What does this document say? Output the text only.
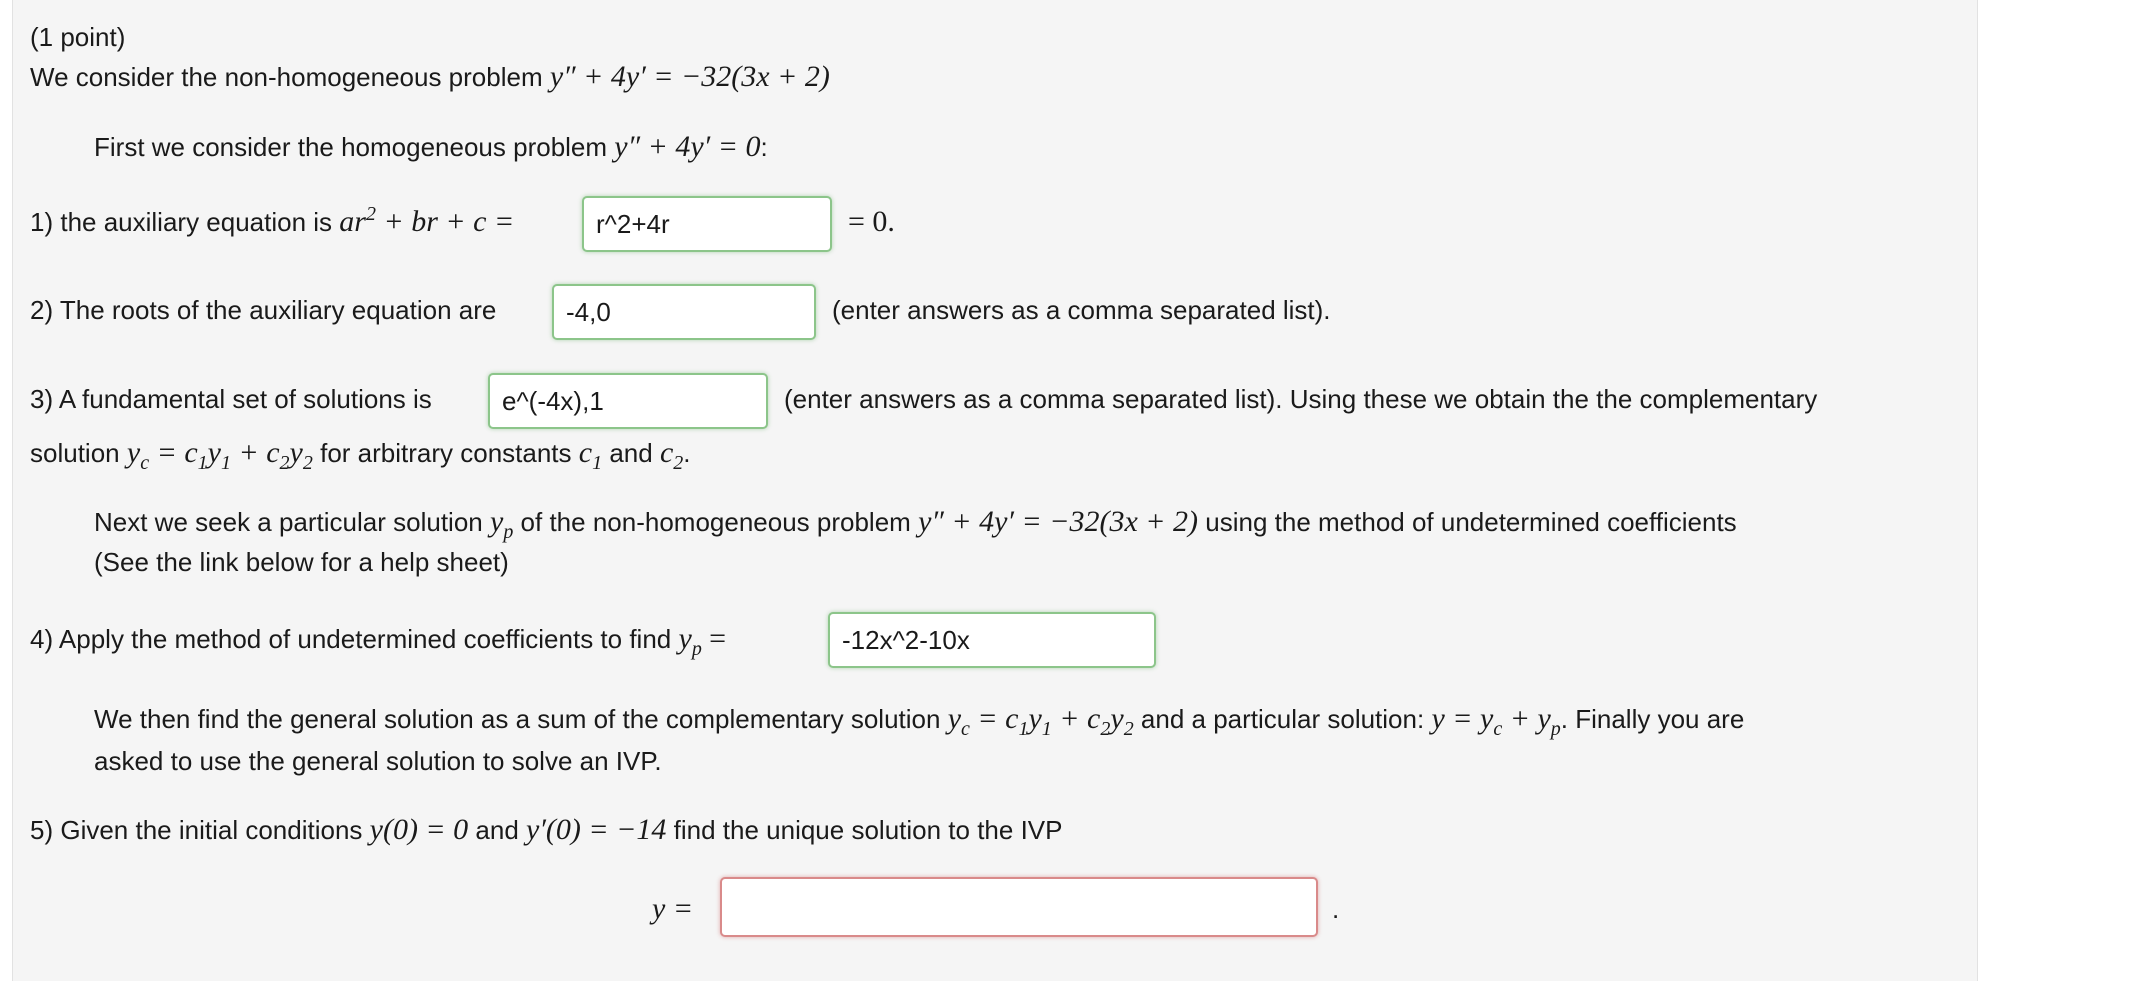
(1 point)
We consider the non-homogeneous problem
y″ + 4y′ = −32(3x + 2)
First we consider the homogeneous problem
y″ + 4y′ = 0 :
1) the auxiliary equation is
$ar^2$ + br + c =
r^2+4r	= 0.
2) The roots of the auxiliary equation are
-4,0	(enter answers as a comma separated list).
3) A fundamental set of solutions is
e^(-4x),1	(enter answers as a comma separated list). Using these we obtain the the complementary
solution
$y_c = c_1y_1 + c_2y_2$
for arbitrary constants
$c_1$
and
$c_2$ .
Next we seek a particular solution
$y_p$
of the non-homogeneous problem
y″ + 4y′ = −32(3x + 2)
using the method of undetermined coefficients
(See the link below for a help sheet)
4) Apply the method of undetermined coefficients to find
$y_p$
=
-12x^2-10x
We then find the general solution as a sum of the complementary solution
$y_c = c_1y_1 + c_2y_2$
and a particular solution:
$y = y_c + y_p$ . Finally you are
asked to use the general solution to solve an IVP.
5) Given the initial conditions
y(0) = 0
and
y′(0) = −14
find the unique solution to the IVP
y =	.
